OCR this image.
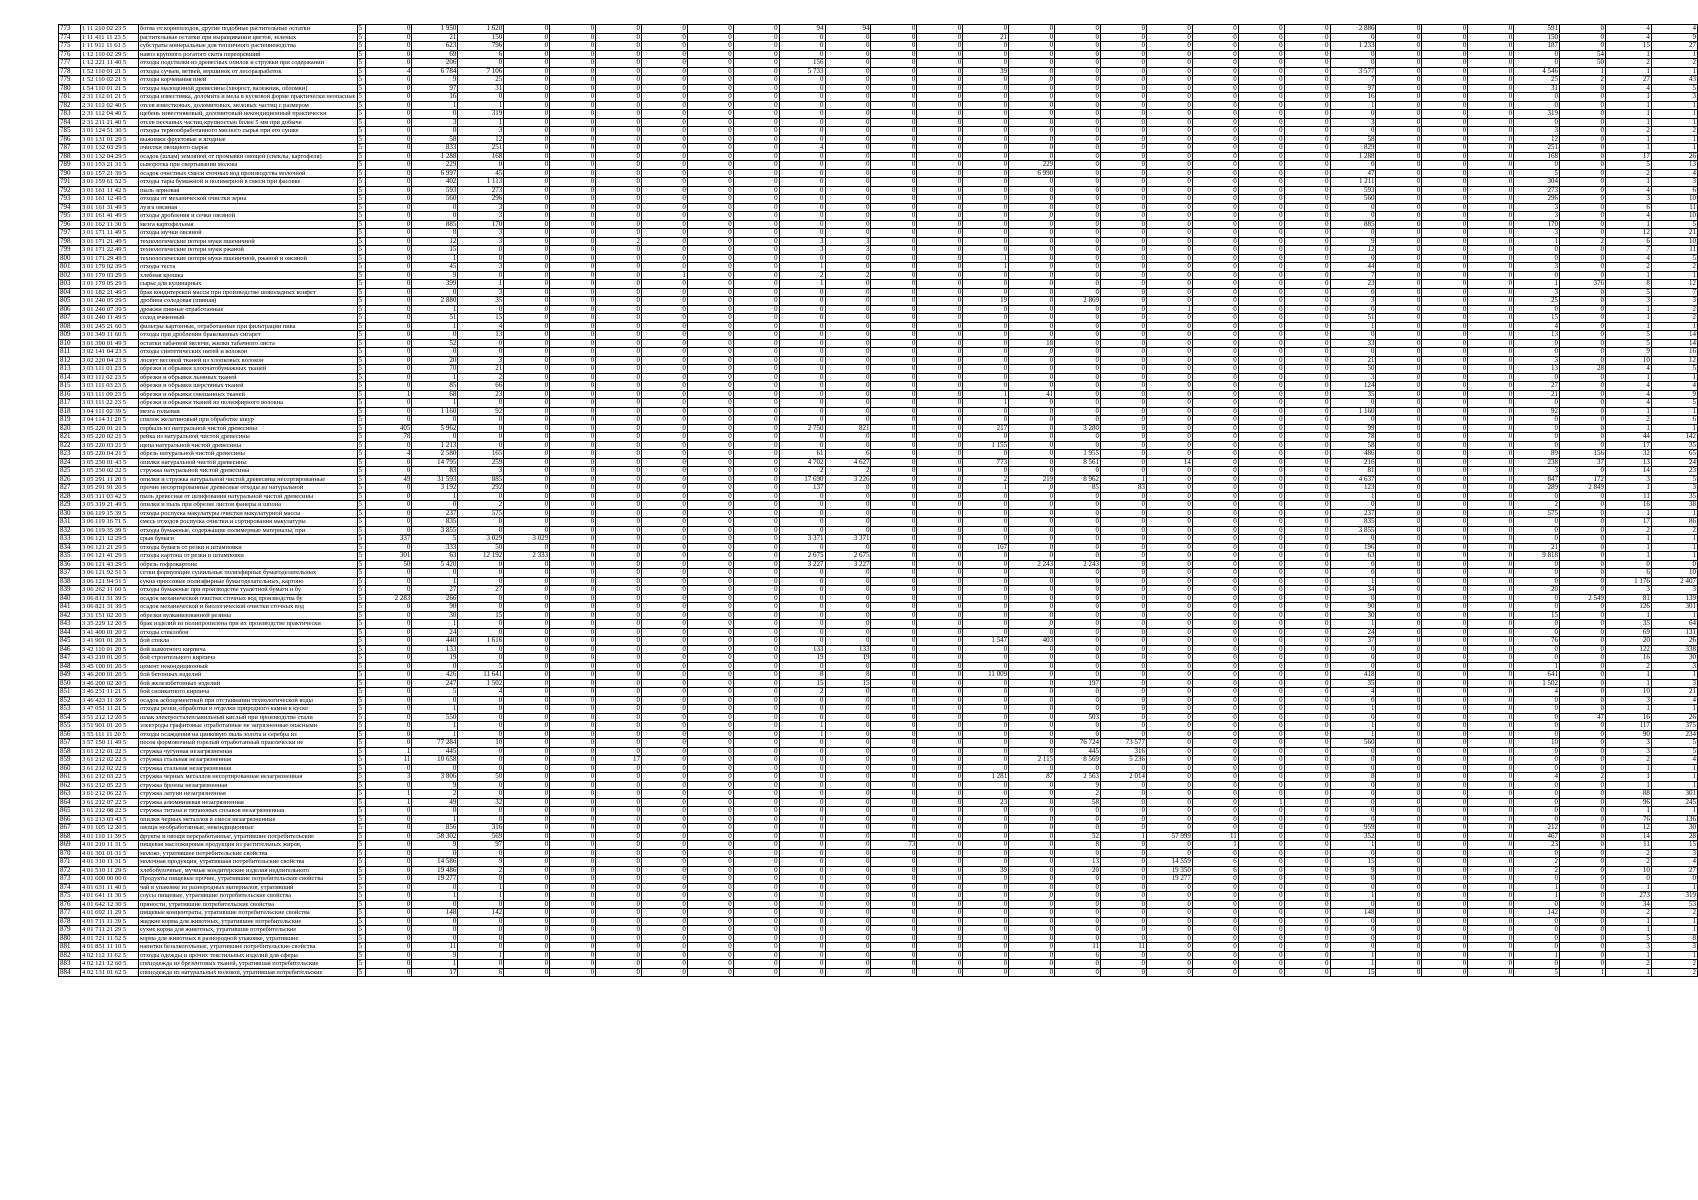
773	1 11 210 02 23 5	ботва от корнеплодов, другие подобные растительные остатки	5	0	1 950	1 620	0	0	0	0	0	0	94	94	0	0	0	0	0	0	0	0	0	0	2 886	0	0	0	591	0	4	4
774	1 11 411 11 23 5	растительные остатки при выращивании цветов, зеленых	5	0	21	150	0	0	0	0	0	0	0	0	0	0	21	0	0	0	0	0	0	0	0	0	0	0	150	0	4	9
775	1 11 911 11 61 5	субстраты минеральные для тепличного растениеводства	5	0	623	796	0	0	0	0	0	0	0	0	0	0	0	0	0	0	0	0	0	0	1 233	0	0	0	187	0	15	27
776	1 12 110 02 29 5	навоз крупного рогатого скота перепревший	5	0	69	6	0	0	0	0	0	0	0	0	0	0	0	0	0	0	0	0	0	0	0	0	0	0	0	54	1	1
777	1 12 221 11 40 5	отходы подстилки из древесных опилок и стружки при содержании	5	0	206	0	0	0	0	0	0	0	156	0	0	0	0	0	0	0	0	0	0	0	0	0	0	0	0	50	2	2
778	1 52 110 01 21 5	отходы сучьев, ветвей, вершинок от лесоразработок	5	4	6 784	7 106	0	0	0	0	0	0	5 733	0	0	0	39	0	0	0	0	0	0	0	3 577	0	0	0	4 546	1	1	1
779	1 52 110 02 21 5	отходы корчевания пней	5	0	9	25	0	0	0	0	0	0	0	0	0	0	0	0	0	0	0	0	0	0	7	0	0	0	25	2	27	43
780	1 54 110 01 21 5	отходы малоценной древесины (хворост, валежник, обломки)	5	0	97	31	0	0	0	0	0	0	0	0	0	0	0	0	0	0	0	0	0	0	97	0	0	0	31	0	4	5
781	2 31 112 01 21 5	отходы известняка, доломита и мела в кусковой форме практически неопасные	5	0	16	0	0	0	0	0	0	0	0	0	0	0	0	0	0	0	0	0	0	0	16	0	0	0	0	0	1	3
782	2 31 112 02 40 5	отсев известковых, доломитовых, меловых частиц с размером	5	0	1	1	0	0	0	0	0	0	0	0	0	0	0	0	0	0	0	0	0	0	1	0	0	0	0	0	1	1
783	2 31 112 04 40 5	щебень известняковый, доломитовый некондиционный практически	5	0	0	319	0	0	0	0	0	0	0	0	0	0	0	0	0	0	0	0	0	0	0	0	0	0	319	0	1	1
784	2 31 211 21 40 5	отсев песчаных частиц крупностью более 5 мм при добыче	5	0	3	1	0	0	0	0	0	0	0	0	0	0	0	0	0	0	0	0	0	0	3	0	0	0	0	0	1	1
785	3 01 124 51 30 5	отходы термообработанного мясного сырья при его сушке	5	0	0	3	0	0	0	0	0	0	0	0	0	0	0	0	0	0	0	0	0	0	0	0	0	0	3	0	2	2
786	3 01 131 01 29 5	выжимки фруктовые и ягодные	5	0	58	12	0	0	0	0	0	0	0	0	0	0	0	0	0	0	0	0	0	0	58	0	0	0	12	0	1	1
787	3 01 132 03 29 5	очистки овощного сырья	5	0	833	251	0	0	0	0	0	0	4	0	0	0	0	0	0	0	0	0	0	0	829	0	0	0	251	0	1	1
788	3 01 132 04 29 5	осадок (шлам) земляной от промывки овощей (свеклы, картофеля)	5	0	1 288	168	0	0	0	0	0	0	0	0	0	0	0	0	0	0	0	0	0	0	1 288	0	0	0	168	0	17	26
789	3 01 153 21 31 5	сыворотка при свертывании молока	5	0	229	0	0	0	0	0	0	0	0	0	0	0	0	229	0	0	0	0	0	0	0	0	0	0	0	0	5	13
790	3 01 157 21 39 5	осадок очистных смеси сточных вод производства молочной	5	0	6 997	45	0	0	0	0	0	0	0	0	0	0	0	6 990	0	0	0	0	0	0	47	0	0	0	5	0	2	4
791	3 01 159 61 52 5	отходы тары бумажной и полимерной в смеси при фасовке	5	0	402	1 113	0	0	0	0	0	0	0	0	0	0	0	0	0	0	0	0	0	0	1 211	0	0	0	304	0	1	3
792	3 01 161 11 42 5	пыль зерновая	5	0	593	273	0	0	0	0	0	0	0	0	0	0	0	0	0	0	0	0	0	0	593	0	0	0	273	0	4	6
793	3 01 161 12 49 5	отходы от механической очистки зерна	5	0	560	296	0	0	0	0	0	0	0	0	0	0	0	0	0	0	0	0	0	0	560	0	0	0	296	0	3	10
794	3 01 161 31 49 5	лузга овсяная	5	0	0	3	0	0	0	0	0	0	0	0	0	0	0	0	0	0	0	0	0	0	0	0	0	0	3	0	6	11
795	3 01 161 41 49 5	отходы дробления и сечки овсяной	5	0	0	3	0	0	0	0	0	0	0	0	0	0	0	0	0	0	0	0	0	0	0	0	0	0	3	0	4	10
796	3 01 162 11 30 5	мезга картофельная	5	0	885	170	0	0	0	0	0	0	0	0	0	0	0	0	0	0	0	0	0	0	885	0	0	0	170	0	1	5
797	3 01 171 11 49 5	отходы мучки овсяной	5	0	0	3	0	0	0	0	0	0	0	0	0	0	0	0	0	0	0	0	0	0	0	0	0	0	3	0	12	21
798	3 01 171 21 49 5	технологические потери муки пшеничной	5	0	12	3	0	0	2	0	0	0	3	3	0	0	0	0	0	0	0	0	0	0	9	0	0	0	1	2	6	10
799	3 01 171 22 49 5	технологические потери муки ржаной	5	0	15	0	0	0	0	0	0	0	3	3	0	0	0	0	0	0	0	0	0	0	12	0	0	0	0	0	7	11
800	3 01 171 29 49 5	технологические потери муки пшеничной, ржаной и овсяной	5	0	1	0	0	0	0	0	0	0	0	0	0	0	1	0	0	0	0	0	0	0	0	0	0	0	0	0	4	5
801	3 01 179 02 39 5	отходы теста	5	0	45	3	0	0	0	0	0	0	1	0	0	0	1	0	0	0	0	0	0	0	44	0	0	0	3	0	2	2
802	3 01 179 03 29 5	хлебная крошка	5	0	9	0	0	0	0	1	0	0	2	2	0	0	0	0	0	0	0	0	0	0	7	0	0	0	0	0	1	1
803	3 01 179 05 29 5	сырье для кулинарных	5	0	399	1	0	0	0	0	0	0	1	0	0	0	0	0	0	0	0	0	0	0	23	0	0	0	1	376	8	12
804	3 01 182 21 49 5	брак кондитерской массы при производстве шоколадных конфет	5	0	0	3	0	0	0	0	0	0	0	0	0	0	0	0	0	0	0	0	0	0	0	0	0	0	3	0	5	7
805	3 01 240 05 29 5	дробина солодовая (пивная)	5	0	2 880	35	0	0	0	0	0	0	0	0	0	0	19	0	2 869	0	0	0	0	0	3	0	0	0	25	0	3	3
806	3 01 240 07 39 5	дрожжи пивные отработанные	5	0	1	0	0	0	0	0	0	0	0	0	0	0	0	0	0	0	1	0	0	0	0	0	0	0	0	0	1	2
807	3 01 240 11 49 5	солод ячменный	5	0	51	15	0	0	0	0	0	0	0	0	0	0	0	0	0	0	0	0	0	0	51	0	0	0	15	0	1	2
808	3 01 245 21 60 5	фильтры картонные, отработанные при фильтрации пива	5	0	1	4	0	0	0	0	0	0	0	0	0	0	0	0	0	0	0	0	0	0	1	0	0	0	4	0	1	1
809	3 01 349 11 60 5	отходы при дроблении бракованных сигарет	5	0	0	13	0	0	0	0	0	0	0	0	0	0	0	0	0	0	0	0	0	0	0	0	0	0	13	0	5	14
810	3 01 390 01 49 5	остатки табачной мелочи, жилки табачного листа	5	0	52	0	0	0	0	0	0	0	0	0	0	0	0	18	0	0	0	0	0	0	33	0	0	0	0	0	5	14
811	3 02 141 04 23 5	отходы синтетических нитей и волокон	5	0	0	0	0	0	0	0	0	0	0	0	0	0	0	0	0	0	0	0	0	0	0	0	0	0	0	0	9	16
812	3 02 220 04 23 5	лоскут весовой тканей из хлопковых волокон	5	0	20	3	0	0	0	0	0	0	0	0	0	0	0	0	0	0	0	0	0	0	21	0	0	0	3	0	10	12
813	3 03 111 01 23 5	обрезки и обрывки хлопчатобумажных тканей	5	0	70	21	0	0	0	0	0	0	0	0	0	0	0	0	0	0	0	0	0	0	50	0	0	0	13	28	4	5
814	3 03 111 02 23 5	обрезки и обрывки льняных тканей	5	0	1	2	0	0	0	0	0	0	0	0	0	0	0	0	0	0	0	0	0	0	3	0	0	0	0	0	1	1
815	3 03 111 03 23 5	обрезки и обрывки шерстяных тканей	5	0	85	66	0	0	0	0	0	0	0	0	0	0	0	0	0	0	0	0	0	0	124	0	0	0	27	0	4	4
816	3 03 111 09 23 5	обрезки и обрывки смешанных тканей	5	1	68	23	0	0	0	0	0	0	0	0	0	0	1	41	0	0	0	0	0	0	35	0	0	0	21	0	4	9
817	3 03 111 22 23 5	обрезки и обрывки тканей из полиэфирного волокна	5	0	1	0	0	0	0	0	0	0	0	0	0	0	1	0	0	0	0	0	0	0	0	0	0	0	0	0	4	5
818	3 04 111 02 39 5	мезга гольевая	5	0	1 160	92	0	0	0	0	0	0	0	0	0	0	0	0	0	0	0	0	0	0	1 160	0	0	0	92	0	1	1
819	3 04 114 11 20 5	спилок желатиновый при обработке шкур	5	0	0	0	0	0	0	0	0	0	0	0	0	0	0	0	0	0	0	0	0	0	0	0	0	0	0	0	2	6
820	3 05 220 01 21 5	горбыль из натуральной чистой древесины	5	405	5 962	0	0	0	0	0	0	0	2 750	821	0	0	217	0	3 280	0	0	0	0	0	99	0	0	0	0	0	1	1
821	3 05 220 02 21 5	рейка из натуральной чистой древесины	5	78	0	0	0	0	0	0	0	0	0	0	0	0	0	0	0	0	0	0	0	0	78	0	0	0	0	0	44	142
822	3 05 220 03 21 5	щепа натуральной чистой древесины	5	0	1 213	0	0	0	0	0	0	0	0	0	0	0	1 155	0	0	0	0	0	0	0	58	0	0	0	0	0	17	35
823	3 05 220 04 21 5	обрезь натуральной чистой древесины	5	4	2 580	165	0	0	0	0	0	0	61	6	0	0	0	0	1 955	0	0	0	0	0	486	0	0	0	89	156	32	65
824	3 05 230 01 43 5	опилки натуральной чистой древесины	5	0	14 795	259	0	0	0	0	0	0	4 702	4 627	0	0	773	0	8 561	0	14	0	0	0	216	0	0	0	238	37	13	24
825	3 05 230 02 22 5	стружка натуральной чистой древесины	5	0	83	3	0	0	0	0	0	0	2	2	0	0	0	0	0	0	0	0	0	0	81	0	0	0	3	0	14	23
826	3 05 291 11 20 5	опилки и стружка натуральной чистой древесины несортированные	5	49	31 593	885	0	0	0	0	0	0	17 690	3 226	0	0	2	219	8 962	1	0	0	0	0	4 637	0	0	0	847	172	3	5
827	3 05 291 91 20 5	прочие несортированные древесные отходы из натуральной	5	0	3 192	292	0	0	0	0	0	0	137	0	0	0	1	0	85	83	0	0	0	0	123	0	0	0	289	2 849	1	3
828	3 05 311 03 42 5	пыль древесная от шлифования натуральной чистой древесины	5	0	1	0	0	0	0	0	0	0	0	0	0	0	0	0	0	0	0	0	0	0	1	0	0	0	0	0	11	35
829	3 05 319 21 49 5	опилки и пыль при обрезке листов фанеры и шпона	5	0	0	2	0	0	0	0	0	0	0	0	0	0	0	0	0	0	0	0	0	0	0	0	0	0	2	0	16	38
830	3 06 119 15 39 5	отходы роспуска макулатуры очистки макулатурной массы	5	0	237	575	0	0	0	0	0	0	0	0	0	0	0	0	0	0	0	0	0	0	237	0	0	0	575	0	1	1
831	3 06 119 16 71 5	смесь отходов роспуска очистки и сортирования макулатуры	5	0	835	0	0	0	0	0	0	0	0	0	0	0	0	0	0	0	0	0	0	0	835	0	0	0	0	0	17	86
832	3 06 119 35 39 5	отходы бумажные, содержащие полимерные материалы, при	5	0	3 855	0	0	0	0	0	0	0	0	0	0	0	0	0	0	0	0	0	0	0	3 855	0	0	0	0	0	2	2
833	3 06 121 12 29 5	срыв бумаги	5	337	5	3 029	3 029	0	0	0	0	0	3 371	3 371	0	0	0	0	0	0	0	0	0	0	0	0	0	0	0	0	1	1
834	3 06 121 21 29 5	отходы бумаги от резки и штамповки	5	0	333	50	0	0	0	0	0	0	0	0	0	0	167	0	0	0	0	0	0	0	196	0	0	0	21	0	1	1
835	3 06 121 41 29 5	отходы картона от резки и штамповки	5	301	63	12 192	2 333	0	0	0	0	0	2 675	2 675	0	0	0	0	0	0	0	0	0	0	63	0	0	0	9 818	0	1	1
836	3 06 121 43 29 5	обрезь гофрокартона	5	50	5 420	0	0	0	0	0	0	0	3 227	3 227	0	0	0	2 243	2 243	0	0	0	0	0	0	0	0	0	0	0	0	0
837	3 06 121 92 51 5	сетки формующие сушильные полиэфирные бумагоделательных	5	0	0	0	0	0	0	0	0	0	0	0	0	0	0	0	0	0	0	0	0	0	0	0	0	0	0	0	6	10
838	3 06 121 94 51 5	сукна прессовые полиэфирные бумагоделательных, картоно	5	0	1	0	0	0	0	0	0	0	0	0	0	0	0	0	0	0	0	0	0	0	1	0	0	0	0	0	1 176	2 407
839	3 06 262 11 60 5	отходы бумажные при производстве туалетной бумаги и бу	5	0	27	27	0	0	0	0	0	0	0	0	0	0	0	0	0	0	0	0	0	0	34	0	0	0	20	0	3	3
840	3 06 811 31 39 5	осадок механической очистки сточных вод производства бу	5	2 283	266	0	0	0	0	0	0	0	0	0	0	0	0	0	0	0	0	0	0	0	0	0	0	0	0	2 549	81	139
841	3 06 821 31 39 5	осадок механической и биологической очистки сточных вод	5	0	90	0	0	0	0	0	0	0	0	0	0	0	0	0	0	0	0	0	0	0	90	0	0	0	0	0	126	301
842	3 31 151 02 20 5	обрезки вулканизованной резины	5	0	30	15	0	0	0	0	0	0	0	0	0	0	0	0	0	0	0	0	0	0	30	0	0	0	15	0	1	1
843	3 35 229 12 20 5	брак изделий из полипропилена при их производстве практически	5	0	1	0	0	0	0	0	0	0	0	0	0	0	0	0	0	0	0	0	0	0	1	0	0	0	0	0	35	64
844	3 41 400 01 20 5	отходы стеклобоя	5	0	24	0	0	0	0	0	0	0	0	0	0	0	0	0	0	0	0	0	0	0	24	0	0	0	0	0	69	131
845	3 41 901 01 20 5	бой стекла	5	0	440	1 616	0	0	0	0	0	0	0	0	0	0	1 547	403	0	0	0	0	0	0	37	0	0	0	76	0	20	26
846	3 42 110 01 20 5	бой шамотного кирпича	5	0	133	0	0	0	0	0	0	0	133	133	0	0	0	0	0	0	0	0	0	0	0	0	0	0	0	0	122	338
847	3 43 210 01 20 5	бой строительного кирпича	5	0	19	0	0	0	0	0	0	0	19	19	0	0	0	0	0	0	0	0	0	0	0	0	0	0	0	0	16	30
848	3 45 100 01 20 5	цемент некондиционный	5	0	0	5	0	0	0	0	0	0	0	0	0	0	0	0	0	0	0	0	0	0	0	0	0	0	1	0	2	3
849	3 46 200 01 20 5	бой бетонных изделий	5	0	426	11 641	0	0	0	0	0	0	8	8	0	0	11 009	0	0	0	0	0	0	0	418	0	0	0	641	0	1	1
850	3 46 200 02 20 5	бой железобетонных изделий	5	0	247	1 502	0	0	0	0	0	0	15	15	0	0	0	0	197	0	0	0	0	0	35	0	0	0	1 502	0	1	3
851	3 46 231 11 21 5	бой силикатного кирпича	5	0	5	4	0	0	0	0	0	0	2	0	0	0	0	0	0	0	0	0	0	0	4	0	0	0	4	0	10	21
852	3 46 423 11 39 5	осадок асбоцементный при отстаивании технологической воды	5	0	0	0	0	0	0	0	0	0	0	0	0	0	0	0	0	0	0	0	0	0	0	0	0	0	0	0	3	4
853	3 47 051 11 21 5	отходы резки, обработки и отделки природного камня в куске	5	0	1	0	0	0	0	0	0	0	0	0	0	0	0	0	0	0	0	0	0	0	1	0	0	0	0	0	1	1
854	3 51 212 12 20 5	шлак электросталеплавильный кислый при производстве стали	5	0	550	0	0	0	0	0	0	0	0	0	0	0	0	0	503	0	0	0	0	0	0	0	0	0	0	47	16	26
855	3 51 901 01 20 5	электроды графитовые отработанные не загрязненные опасными	5	0	1	0	0	0	0	0	0	0	1	0	0	0	0	0	0	0	0	0	0	0	1	0	0	0	0	0	117	375
856	3 55 111 11 20 5	отходы осаждения на цинковую пыль золота и серебра из	5	0	1	0	0	0	0	0	0	0	1	0	0	0	0	0	0	0	0	0	0	0	1	0	0	0	0	0	90	234
857	3 57 150 11 49 5	песок формовочный горелый отработанный практически не	5	0	77 284	10	0	0	0	0	0	0	0	0	0	0	0	0	76 724	73 577	0	0	0	0	560	0	0	0	10	0	3	5
858	3 61 212 01 22 5	стружка чугунная незагрязненная	5	1	445	0	0	0	0	0	0	0	0	0	0	0	0	0	445	316	0	0	0	0	0	0	0	0	0	0	3	5
859	3 61 212 02 22 5	стружка стальная незагрязненная	5	11	10 658	0	0	0	17	0	0	0	0	0	0	0	0	2 115	8 569	5 236	0	0	0	0	0	0	0	0	0	0	2	4
860	3 61 212 02 22 5	стружка стальная незагрязненная	5	0	0	0	0	0	0	0	0	0	0	0	0	0	0	0	0	0	0	0	0	0	0	0	0	0	0	0	1	1
861	3 61 212 03 22 5	стружка черных металлов несортированная незагрязненная	5	3	3 806	50	0	0	0	0	0	0	0	0	0	0	1 281	87	2 563	2 014	0	0	0	0	8	0	0	0	4	2	1	1
862	3 61 212 05 22 5	стружка бронзы незагрязненная	5	0	9	0	0	0	0	0	0	0	0	0	0	0	0	0	9	0	0	0	0	0	0	0	0	0	0	0	1	1
863	3 61 212 06 22 5	стружка латуни незагрязненная	5	1	2	0	0	0	0	0	0	0	0	0	0	0	0	0	2	0	0	0	0	0	0	0	0	0	0	0	88	301
864	3 61 212 07 22 5	стружка алюминиевая незагрязненная	5	1	49	32	0	0	0	0	0	0	0	0	0	0	23	0	58	0	0	0	1	0	0	0	0	0	0	0	96	245
865	3 61 212 08 22 5	стружка титана и титановых сплавов незагрязненная	5	0	0	0	0	0	0	0	0	0	0	0	0	0	0	0	0	0	0	0	0	0	0	0	0	0	0	0	1	1
866	3 61 213 03 43 5	опилки черных металлов в смеси незагрязненные	5	0	1	0	0	0	0	0	0	0	0	0	0	0	0	0	0	0	0	0	0	0	0	0	0	0	0	0	76	136
867	4 01 105 12 20 5	овощи необработанные, некондиционные	5	0	856	316	0	0	0	0	0	0	0	0	0	0	0	0	0	0	0	0	0	0	959	0	0	0	212	0	12	30
868	4 01 110 11 39 5	фрукты и овощи переработанные, утратившие потребительские	5	0	58 302	569	0	0	0	0	0	0	0	0	0	0	0	0	52	1	57 999	11	0	0	352	0	0	0	467	0	14	28
869	4 01 210 11 31 5	пищевая масложировая продукция из растительных жиров,	5	0	9	97	0	0	0	0	0	0	0	0	73	0	0	0	8	0	0	1	0	0	1	0	0	0	23	0	11	15
870	4 01 301 01 31 5	молоко, утратившее потребительские свойства	5	0	0	0	0	0	0	0	0	0	0	0	0	0	0	0	0	0	0	0	0	0	0	0	0	0	0	0	2	3
871	4 01 310 11 31 5	молочная продукция, утратившая потребительские свойства	5	0	14 586	9	0	0	0	0	0	0	0	0	0	0	0	0	13	0	14 559	6	0	0	15	0	0	0	2	0	2	4
872	4 01 510 11 29 5	хлебобулочные, мучные кондитерские изделия недлительного	5	0	19 486	2	0	0	0	0	0	0	0	0	0	0	39	0	20	0	19 350	6	0	0	9	0	0	0	2	0	10	27
873	4 01 600 00 00 0	Продукты пищевые прочие, утратившие потребительские свойства	5	0	19 277	0	0	0	0	0	0	0	0	0	0	0	0	0	0	0	19 277	0	0	0	0	0	0	0	0	0	0	0
874	4 01 631 11 40 5	чай в упаковке из разнородных материалов, утративший	5	0	0	1	0	0	0	0	0	0	0	0	0	0	0	0	0	0	0	0	0	0	0	0	0	0	1	0	1	1
875	4 01 641 11 30 5	соусы пищевые, утратившие потребительские свойства	5	0	1	1	0	0	0	0	0	0	0	0	0	0	0	0	0	0	0	0	0	0	1	0	0	0	1	0	273	319
876	4 01 642 12 30 5	пряности, утратившие потребительские свойства	5	0	0	0	0	0	0	0	0	0	0	0	0	0	0	0	0	0	0	0	0	0	0	0	0	0	0	0	34	53
877	4 01 692 11 29 5	пищевые концентраты, утратившие потребительские свойства	5	0	148	142	0	0	0	0	0	0	0	0	0	0	0	0	0	0	0	0	0	0	148	0	0	0	142	0	2	2
878	4 01 711 11 39 5	жидкие корма для животных, утратившие потребительские	5	0	0	0	0	0	0	0	0	0	0	0	0	0	0	0	0	0	0	0	0	0	0	0	0	0	0	0	1	1
879	4 01 711 21 29 5	сухие корма для животных, утратившие потребительские	5	0	0	0	0	0	0	0	0	0	0	0	0	0	0	0	0	0	0	0	0	0	0	0	0	0	0	0	1	1
880	4 01 721 11 52 5	корма для животных в разнородной упаковке, утратившие	5	0	0	0	0	0	0	0	0	0	0	0	0	0	0	0	0	0	0	0	0	0	0	0	0	0	0	0	5	8
881	4 01 851 11 10 5	напитки безалкогольные, утратившие потребительские свойства	5	0	11	0	0	0	0	0	0	0	0	0	0	0	0	0	11	11	0	0	0	0	0	0	0	0	0	0	3	3
882	4 02 112 11 62 5	отходы одежды и прочих текстильных изделий для сферы	5	0	9	1	0	0	0	0	0	0	0	0	0	0	0	0	6	0	0	0	0	0	1	0	0	0	1	0	1	1
883	4 02 121 12 60 5	спецодежда из брезентовых тканей, утратившая потребительские	5	0	1	0	0	0	0	0	0	0	0	0	0	0	0	0	0	0	0	0	0	0	1	0	0	0	0	0	2	2
884	4 02 131 01 62 5	спецодежда из натуральных волокон, утратившая потребительские	5	0	17	6	0	0	0	0	0	0	0	0	0	0	0	0	0	0	0	0	0	0	15	0	0	0	5	1	1	2
